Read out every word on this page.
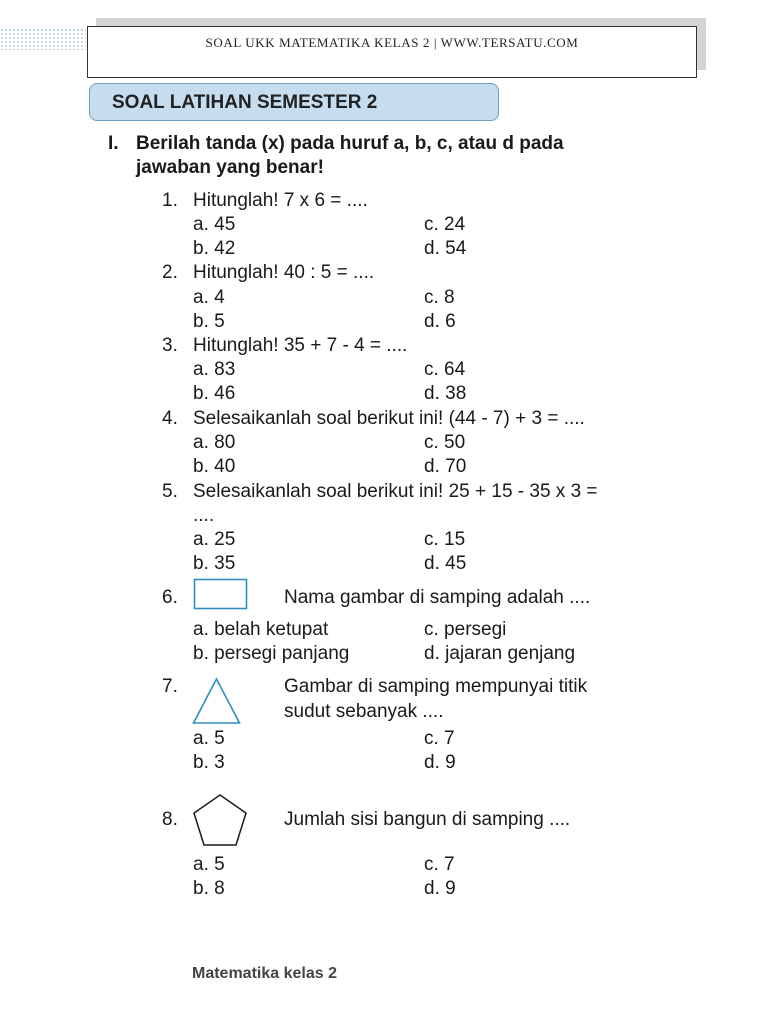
SOAL UKK MATEMATIKA KELAS 2 | WWW.TERSATU.COM
SOAL LATIHAN SEMESTER 2
I. Berilah tanda (x) pada huruf a, b, c, atau d pada
jawaban yang benar!
1. Hitunglah! 7 x 6 = ....
a. 45	c. 24
b. 42	d. 54
2. Hitunglah! 40 : 5 = ....
a. 4	c. 8
b. 5	d. 6
3. Hitunglah! 35 + 7 - 4 = ....
a. 83	c. 64
b. 46	d. 38
4. Selesaikanlah soal berikut ini! (44 - 7) + 3 = ....
a. 80	c. 50
b. 40	d. 70
5. Selesaikanlah soal berikut ini! 25 + 15 - 35 x 3 =
....
a. 25	c. 15
b. 35	d. 45
6.	Nama gambar di samping adalah ....
a. belah ketupat	c. persegi
b. persegi panjang	d. jajaran genjang
7.	Gambar di samping mempunyai titik
sudut sebanyak ....
a. 5	c. 7
b. 3	d. 9
8.	Jumlah sisi bangun di samping ....
a. 5	c. 7
b. 8	d. 9
Matematika kelas 2
